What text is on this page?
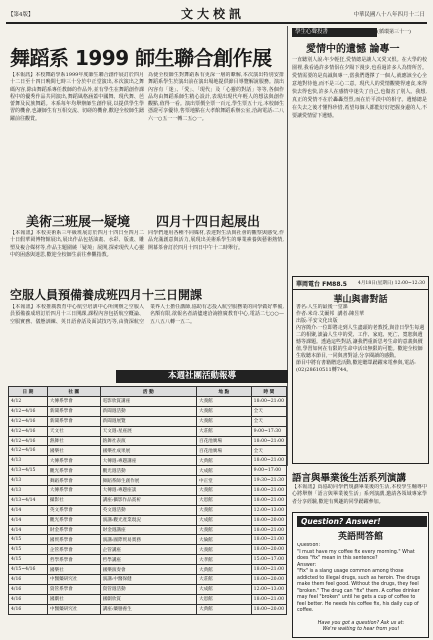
【第4版】	文大校訊	中華民國八十八年四月十二日
舞蹈系 1999 師生聯合創作展
【本報訊】本校舞蹈學系1999年度師生聯合創作展訂於四月十二日至十四日晚間七時三十分於中正堂演出,本次演出之舞碼內容,除由舞蹈系專任教師的作品外,並有學生在舞蹈創作課程中的優秀作品共同演出,舞蹈風格涵蓋中國舞、現代舞、芭蕾舞及民族舞蹈。本系每年均舉辦師生創作展,以提供學生學習的機會,也讓師生有互相交流、切磋的機會,歡迎全校師生踴躍前往觀賞。
為使全校師生對舞蹈系有更深一層的瞭解,本次演出特別安排舞蹈系學生於演出前在演出場地提供節目導覽解說服務。演出內容有「迷」、「愛」、「現代」及「心靈的對話」等等,各個作品均由舞蹈系師生精心設計,表現出現代年輕人的想法與創作觀點,值得一看。演出票價全票一百元,學生票五十元,本校師生憑證可享優待,售票地點在大孝館舞蹈系辦公室,洽詢電話:二八六一○五一一轉二五○一。
美術三班展一疑境 四月十四日起展出
【本報訊】本校美術系三年級班展訂於四月十四日至四月二十日假華岡博物館展出,展出作品包括油畫、水彩、版畫、雕塑及複合媒材等,作品主題圍繞「疑境」展開,探索現代人心靈中的困惑與迷思,歡迎全校師生前往參觀指教。
同學們運用各種不同媒材,表達對生活與社會的觀察與感受,作品充滿創意與活力,展現出美術系學生的專業素養與藝術熱情,開幕茶會訂於四月十四日中午十二時舉行。
空服人員預備養成班四月十三日開課
【本報訊】本校推廣教育中心航空培訓中心所開辦之空服人員預備養成班訂於四月十三日開課,課程內容包括航空概論、空服實務、儀態訓練、英日語會話及面試技巧等,由資深航空業界人士擔任講師,協助有志投入航空服務業的同學做好準備,名額有限,欲報名者請儘速洽詢推廣教育中心,電話二七○○—五八五八轉一五二。
學生心聲投書	(循環第三十一)
愛情中的遺憾 論專一
一直聽別人說:年少輕狂,愛情總是讓人又愛又恨。在大學的校園裡,我看過許多情侶在夕陽下漫步,也看過許多人為情所苦。愛情需要的是真誠與專一,當我們選擇了一個人,就應該全心全意地對待他,而不是三心二意。現代人的愛情觀變得速食,來得快去得也快,許多人在感情中迷失了自己,也傷害了別人。我想,真正的愛情不在於轟轟烈烈,而在於平淡中的相守。遺憾總是在失去之後才懂得珍惜,希望每個人都能好好把握身邊的人,不要讓愛情留下遺憾。
華岡電台 FM88.5 4月18日(星期日) 12:00~12:30
華山與書對話
書名:人生的最後一堂課
作者:米奇.艾爾邦  講者:陳昱華
出版:平安文化出版
內容簡介:一位即將走到人生盡頭的老教授,與昔日學生每週二的相聚,談論人生中的愛、工作、家庭、死亡、寬恕與遺憾等課題。透過這些對話,讓我們重新思考生命的意義與價值,學習如何在有限的生命中活出無限的可能。歡迎全校師生收聽本節目,一同與書對話,分享閱讀的感動。
節目中將有書籍贈送活動,歡迎聽眾踴躍來電參與,電話:(02)28610511轉744。
本週社團活動報導
日 期	社 團	活 動	地 點	時 間
4/12	大傳系學會	電影欣賞講座	大義館	18:00~21:00
4/12~4/16	新聞系學會	新聞週活動	大義館	全天
4/12~4/16	新聞系學會	新聞週展覽	大義館	全天
4/12~4/16	天文社	天文週:星座展	大莊館	9:00~17:30
4/12~4/16	熱舞社	熱舞社表演	百花池廣場	18:00~21:00
4/12~4/16	國樂社	國樂社成果展	百花池廣場	全天
4/13	大傳系學會	大傳週:專題講座	大典館	18:00~21:00
4/13~4/15	觀光系學會	觀光週活動	大成館	9:00~17:00
4/13	舞蹈系學會	舞蹈系師生創作展	中正堂	19:30~21:30
4/13	大傳系學會	大傳週:專題座談	大義館	18:00~21:00
4/13~4/14	攝影社	講座:攝影作品賞析	大恩館	18:00~21:00
4/14	英文系學會	英文週活動	大義館	12:00~13:00
4/14	觀光系學會	演講:觀光產業現況	大成館	18:00~20:00
4/14	財金系學會	財金週講座	大義館	18:00~21:00
4/15	國貿系學會	演講:國際貿易實務	大倫館	18:00~21:00
4/15	企管系學會	企管講座	大義館	18:00~20:00
4/15	哲學系學會	哲學講座	大孝館	15:00~17:00
4/15~4/16	國樂社	國樂演奏會	大典館	18:00~21:00
4/16	中醫藥研究社	演講:中醫保健	大莊館	18:00~20:00
4/16	資管系學會	資管週活動	大成館	12:00~13:00
4/16	國劇社	國劇欣賞	大恩館	18:00~21:00
4/16	中醫藥研究社	講座:藥膳養生	大典館	18:00~20:00
語言與畢業後生活系列演講
【本報訊】爲協助同學們規劃畢業後的生活,本校學生輔導中心將舉辦「語言與畢業後生活」系列演講,邀請各領域專家學者分享經驗,歡迎有興趣的同學踴躍參加。
Question? Answer!
英語問答館
Question:
"I must have my coffee fix every morning." What does "fix" mean in this sentence?
Answer:
"Fix" is a slang usage common among those addicted to illegal drugs, such as heroin. The drugs make them feel good. Without the drugs, they feel "broken." The drug can "fix" them. A coffee drinker may feel "broken" until he gets a cup of coffee to feel better. He needs his coffee fix, his daily cup of coffee.
Have you got a question? Ask us at:
We're waiting to hear from you!
